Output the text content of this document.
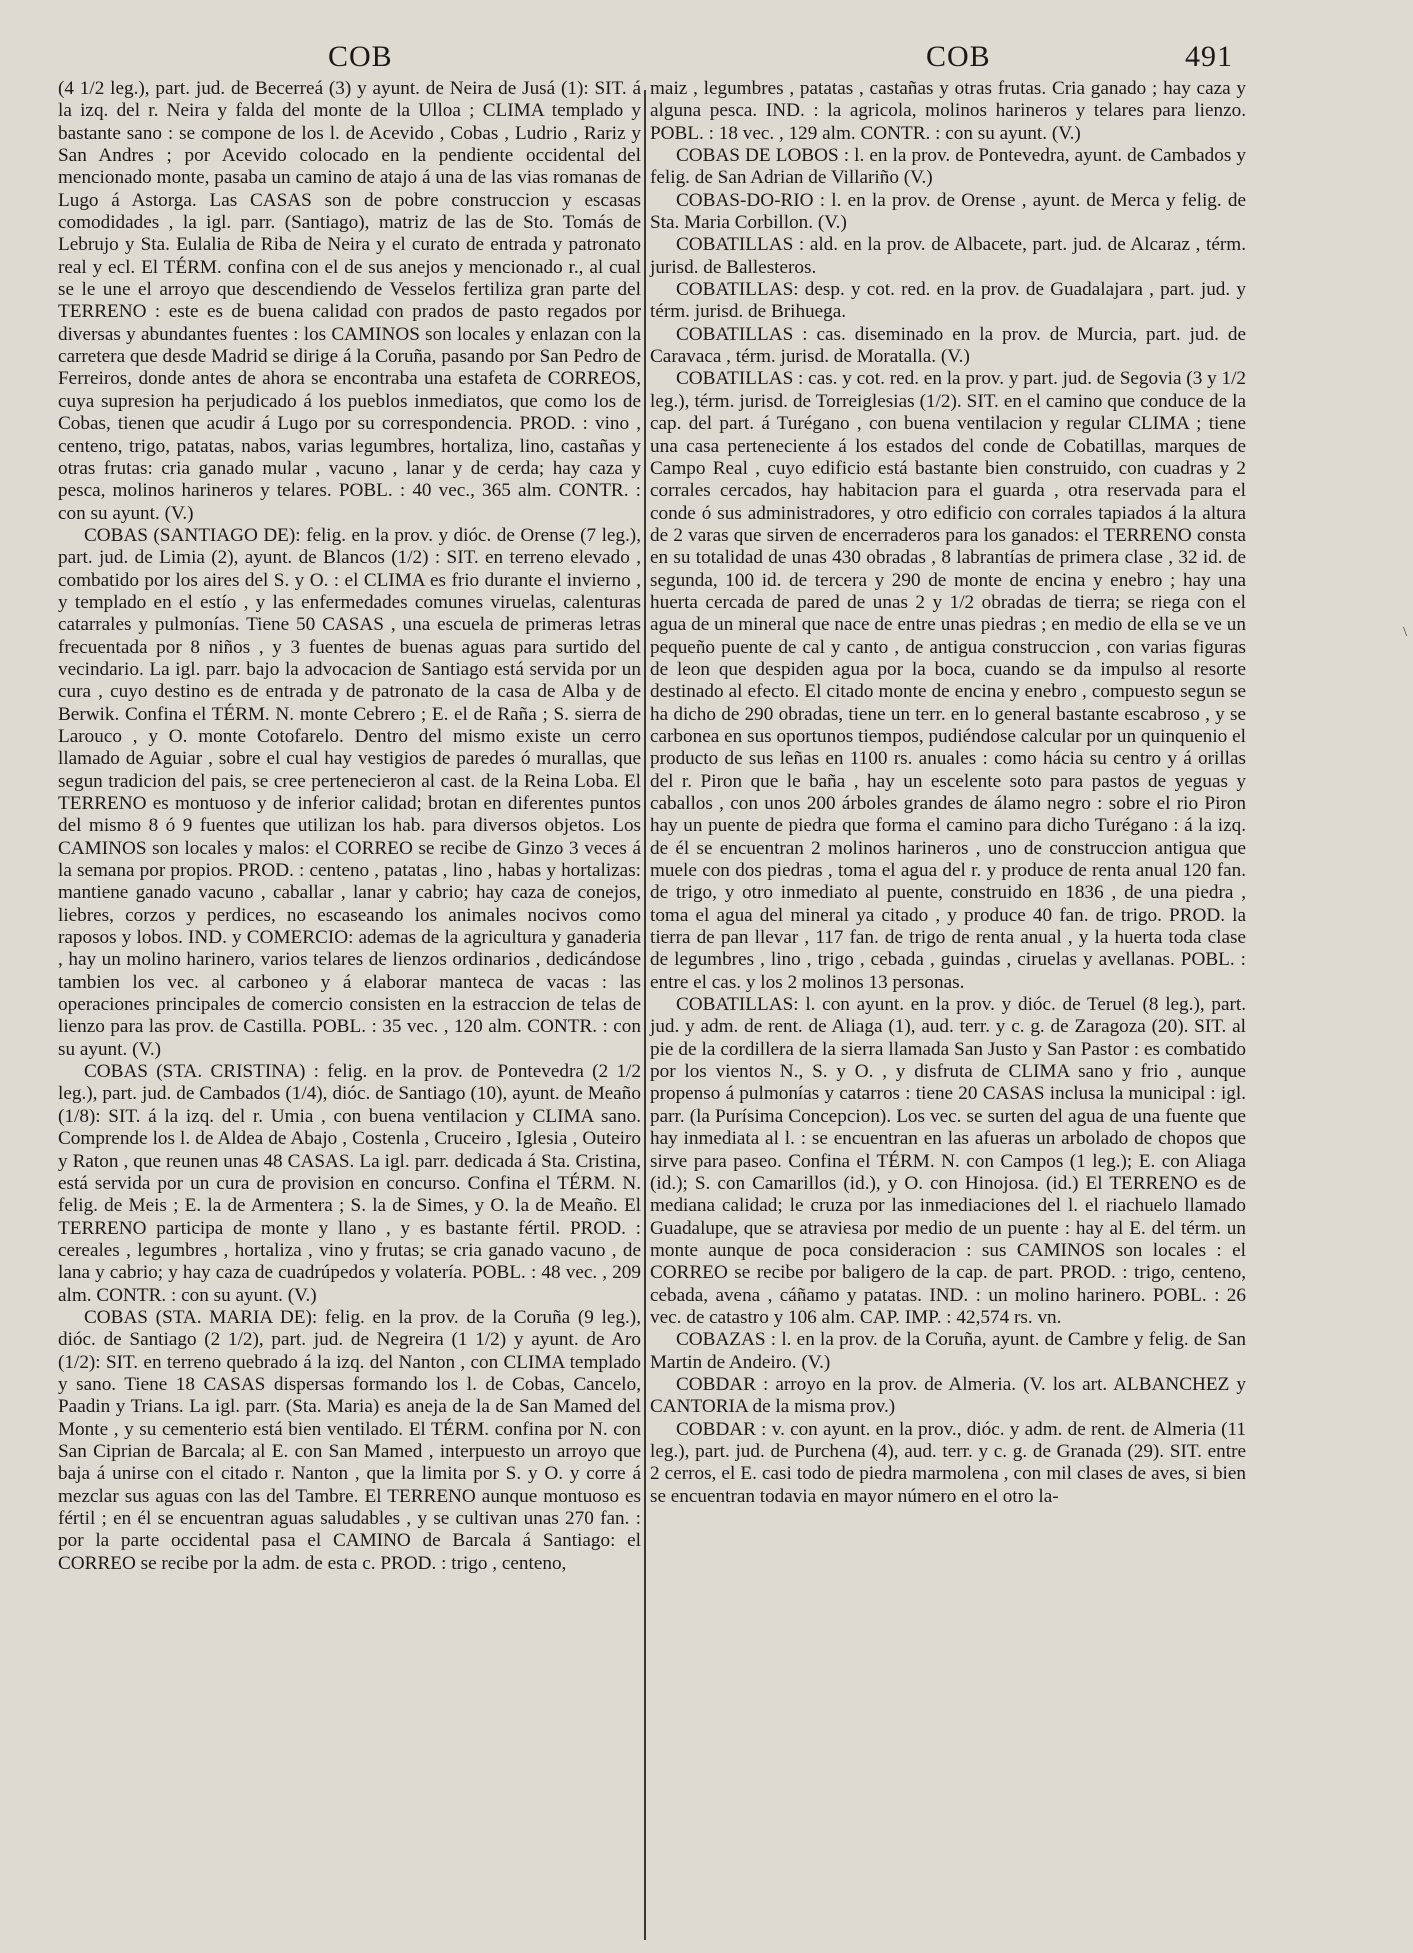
COB	COB	491

(4 1/2 leg.), part. jud. de Becerreá (3) y ayunt. de Neira de Jusá (1): SIT. á la izq. del r. Neira y falda del monte de la Ulloa ; CLIMA templado y bastante sano : se compone de los l. de Acevido , Cobas , Ludrio , Rariz y San Andres ; por Acevido colocado en la pendiente occidental del mencionado monte, pasaba un camino de atajo á una de las vias romanas de Lugo á Astorga. Las CASAS son de pobre construccion y escasas comodidades , la igl. parr. (Santiago), matriz de las de Sto. Tomás de Lebrujo y Sta. Eulalia de Riba de Neira y el curato de entrada y patronato real y ecl. El TÉRM. confina con el de sus anejos y mencionado r., al cual se le une el arroyo que descendiendo de Vesselos fertiliza gran parte del TERRENO : este es de buena calidad con prados de pasto regados por diversas y abundantes fuentes : los CAMINOS son locales y enlazan con la carretera que desde Madrid se dirige á la Coruña, pasando por San Pedro de Ferreiros, donde antes de ahora se encontraba una estafeta de CORREOS, cuya supresion ha perjudicado á los pueblos inmediatos, que como los de Cobas, tienen que acudir á Lugo por su correspondencia. PROD. : vino , centeno, trigo, patatas, nabos, varias legumbres, hortaliza, lino, castañas y otras frutas: cria ganado mular , vacuno , lanar y de cerda; hay caza y pesca, molinos harineros y telares. POBL. : 40 vec., 365 alm. CONTR. : con su ayunt. (V.)

COBAS (SANTIAGO DE): felig. en la prov. y dióc. de Orense (7 leg.), part. jud. de Limia (2), ayunt. de Blancos (1/2) : SIT. en terreno elevado , combatido por los aires del S. y O. : el CLIMA es frio durante el invierno , y templado en el estío , y las enfermedades comunes viruelas, calenturas catarrales y pulmonías. Tiene 50 CASAS , una escuela de primeras letras frecuentada por 8 niños , y 3 fuentes de buenas aguas para surtido del vecindario. La igl. parr. bajo la advocacion de Santiago está servida por un cura , cuyo destino es de entrada y de patronato de la casa de Alba y de Berwik. Confina el TÉRM. N. monte Cebrero ; E. el de Raña ; S. sierra de Larouco , y O. monte Cotofarelo. Dentro del mismo existe un cerro llamado de Aguiar , sobre el cual hay vestigios de paredes ó murallas, que segun tradicion del pais, se cree pertenecieron al cast. de la Reina Loba. El TERRENO es montuoso y de inferior calidad; brotan en diferentes puntos del mismo 8 ó 9 fuentes que utilizan los hab. para diversos objetos. Los CAMINOS son locales y malos: el CORREO se recibe de Ginzo 3 veces á la semana por propios. PROD. : centeno , patatas , lino , habas y hortalizas: mantiene ganado vacuno , caballar , lanar y cabrio; hay caza de conejos, liebres, corzos y perdices, no escaseando los animales nocivos como raposos y lobos. IND. y COMERCIO: ademas de la agricultura y ganaderia , hay un molino harinero, varios telares de lienzos ordinarios , dedicándose tambien los vec. al carboneo y á elaborar manteca de vacas : las operaciones principales de comercio consisten en la estraccion de telas de lienzo para las prov. de Castilla. POBL. : 35 vec. , 120 alm. CONTR. : con su ayunt. (V.)

COBAS (STA. CRISTINA) : felig. en la prov. de Pontevedra (2 1/2 leg.), part. jud. de Cambados (1/4), dióc. de Santiago (10), ayunt. de Meaño (1/8): SIT. á la izq. del r. Umia , con buena ventilacion y CLIMA sano. Comprende los l. de Aldea de Abajo , Costenla , Cruceiro , Iglesia , Outeiro y Raton , que reunen unas 48 CASAS. La igl. parr. dedicada á Sta. Cristina, está servida por un cura de provision en concurso. Confina el TÉRM. N. felig. de Meis ; E. la de Armentera ; S. la de Simes, y O. la de Meaño. El TERRENO participa de monte y llano , y es bastante fértil. PROD. : cereales , legumbres , hortaliza , vino y frutas; se cria ganado vacuno , de lana y cabrio; y hay caza de cuadrúpedos y volatería. POBL. : 48 vec. , 209 alm. CONTR. : con su ayunt. (V.)

COBAS (STA. MARIA DE): felig. en la prov. de la Coruña (9 leg.), dióc. de Santiago (2 1/2), part. jud. de Negreira (1 1/2) y ayunt. de Aro (1/2): SIT. en terreno quebrado á la izq. del Nanton , con CLIMA templado y sano. Tiene 18 CASAS dispersas formando los l. de Cobas, Cancelo, Paadin y Trians. La igl. parr. (Sta. Maria) es aneja de la de San Mamed del Monte , y su cementerio está bien ventilado. El TÉRM. confina por N. con San Ciprian de Barcala; al E. con San Mamed , interpuesto un arroyo que baja á unirse con el citado r. Nanton , que la limita por S. y O. y corre á mezclar sus aguas con las del Tambre. El TERRENO aunque montuoso es fértil ; en él se encuentran aguas saludables , y se cultivan unas 270 fan. : por la parte occidental pasa el CAMINO de Barcala á Santiago: el CORREO se recibe por la adm. de esta c. PROD. : trigo , centeno,

maiz , legumbres , patatas , castañas y otras frutas. Cria ganado ; hay caza y alguna pesca. IND. : la agricola, molinos harineros y telares para lienzo. POBL. : 18 vec. , 129 alm. CONTR. : con su ayunt. (V.)

COBAS DE LOBOS : l. en la prov. de Pontevedra, ayunt. de Cambados y felig. de San Adrian de Villariño (V.)

COBAS-DO-RIO : l. en la prov. de Orense , ayunt. de Merca y felig. de Sta. Maria Corbillon. (V.)

COBATILLAS : ald. en la prov. de Albacete, part. jud. de Alcaraz , térm. jurisd. de Ballesteros.

COBATILLAS: desp. y cot. red. en la prov. de Guadalajara , part. jud. y térm. jurisd. de Brihuega.

COBATILLAS : cas. diseminado en la prov. de Murcia, part. jud. de Caravaca , térm. jurisd. de Moratalla. (V.)

COBATILLAS : cas. y cot. red. en la prov. y part. jud. de Segovia (3 y 1/2 leg.), térm. jurisd. de Torreiglesias (1/2). SIT. en el camino que conduce de la cap. del part. á Turégano , con buena ventilacion y regular CLIMA ; tiene una casa perteneciente á los estados del conde de Cobatillas, marques de Campo Real , cuyo edificio está bastante bien construido, con cuadras y 2 corrales cercados, hay habitacion para el guarda , otra reservada para el conde ó sus administradores, y otro edificio con corrales tapiados á la altura de 2 varas que sirven de encerraderos para los ganados: el TERRENO consta en su totalidad de unas 430 obradas , 8 labrantías de primera clase , 32 id. de segunda, 100 id. de tercera y 290 de monte de encina y enebro ; hay una huerta cercada de pared de unas 2 y 1/2 obradas de tierra; se riega con el agua de un mineral que nace de entre unas piedras ; en medio de ella se ve un pequeño puente de cal y canto , de antigua construccion , con varias figuras de leon que despiden agua por la boca, cuando se da impulso al resorte destinado al efecto. El citado monte de encina y enebro , compuesto segun se ha dicho de 290 obradas, tiene un terr. en lo general bastante escabroso , y se carbonea en sus oportunos tiempos, pudiéndose calcular por un quinquenio el producto de sus leñas en 1100 rs. anuales : como hácia su centro y á orillas del r. Piron que le baña , hay un escelente soto para pastos de yeguas y caballos , con unos 200 árboles grandes de álamo negro : sobre el rio Piron hay un puente de piedra que forma el camino para dicho Turégano : á la izq. de él se encuentran 2 molinos harineros , uno de construccion antigua que muele con dos piedras , toma el agua del r. y produce de renta anual 120 fan. de trigo, y otro inmediato al puente, construido en 1836 , de una piedra , toma el agua del mineral ya citado , y produce 40 fan. de trigo. PROD. la tierra de pan llevar , 117 fan. de trigo de renta anual , y la huerta toda clase de legumbres , lino , trigo , cebada , guindas , ciruelas y avellanas. POBL. : entre el cas. y los 2 molinos 13 personas.

COBATILLAS: l. con ayunt. en la prov. y dióc. de Teruel (8 leg.), part. jud. y adm. de rent. de Aliaga (1), aud. terr. y c. g. de Zaragoza (20). SIT. al pie de la cordillera de la sierra llamada San Justo y San Pastor : es combatido por los vientos N., S. y O. , y disfruta de CLIMA sano y frio , aunque propenso á pulmonías y catarros : tiene 20 CASAS inclusa la municipal : igl. parr. (la Purísima Concepcion). Los vec. se surten del agua de una fuente que hay inmediata al l. : se encuentran en las afueras un arbolado de chopos que sirve para paseo. Confina el TÉRM. N. con Campos (1 leg.); E. con Aliaga (id.); S. con Camarillos (id.), y O. con Hinojosa. (id.) El TERRENO es de mediana calidad; le cruza por las inmediaciones del l. el riachuelo llamado Guadalupe, que se atraviesa por medio de un puente : hay al E. del térm. un monte aunque de poca consideracion : sus CAMINOS son locales : el CORREO se recibe por baligero de la cap. de part. PROD. : trigo, centeno, cebada, avena , cáñamo y patatas. IND. : un molino harinero. POBL. : 26 vec. de catastro y 106 alm. CAP. IMP. : 42,574 rs. vn.

COBAZAS : l. en la prov. de la Coruña, ayunt. de Cambre y felig. de San Martin de Andeiro. (V.)

COBDAR : arroyo en la prov. de Almeria. (V. los art. ALBANCHEZ y CANTORIA de la misma prov.)

COBDAR : v. con ayunt. en la prov., dióc. y adm. de rent. de Almeria (11 leg.), part. jud. de Purchena (4), aud. terr. y c. g. de Granada (29). SIT. entre 2 cerros, el E. casi todo de piedra marmolena , con mil clases de aves, si bien se encuentran todavia en mayor número en el otro la-

\
